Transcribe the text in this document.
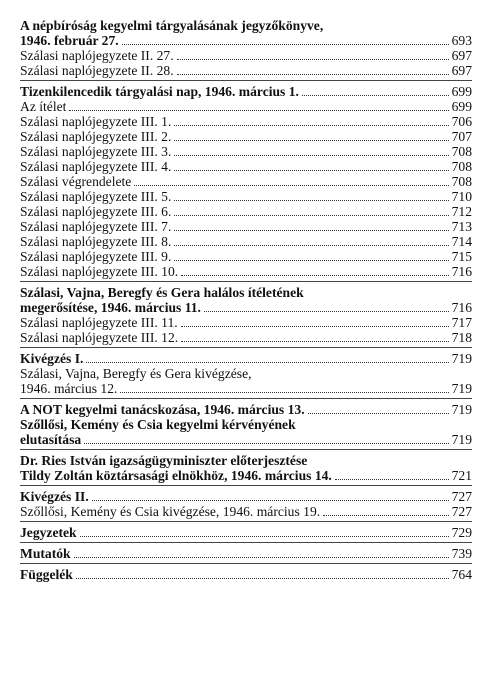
A népbíróság kegyelmi tárgyalásának jegyzőkönyve,
1946. február 27.	693
Szálasi naplójegyzete II. 27.	697
Szálasi naplójegyzete II. 28.	697
Tizenkilencedik tárgyalási nap, 1946. március 1.	699
Az ítélet	699
Szálasi naplójegyzete III. 1.	706
Szálasi naplójegyzete III. 2.	707
Szálasi naplójegyzete III. 3.	708
Szálasi naplójegyzete III. 4.	708
Szálasi végrendelete	708
Szálasi naplójegyzete III. 5.	710
Szálasi naplójegyzete III. 6.	712
Szálasi naplójegyzete III. 7.	713
Szálasi naplójegyzete III. 8.	714
Szálasi naplójegyzete III. 9.	715
Szálasi naplójegyzete III. 10.	716
Szálasi, Vajna, Beregfy és Gera halálos ítéletének
megerősítése, 1946. március 11.	716
Szálasi naplójegyzete III. 11.	717
Szálasi naplójegyzete III. 12.	718
Kivégzés I.	719
Szálasi, Vajna, Beregfy és Gera kivégzése,
1946. március 12.	719
A NOT kegyelmi tanácskozása, 1946. március 13.	719
Szőllősi, Kemény és Csia kegyelmi kérvényének
elutasítása	719
Dr. Ries István igazságügyminiszter előterjesztése
Tildy Zoltán köztársasági elnökhöz, 1946. március 14.	721
Kivégzés II.	727
Szőllősi, Kemény és Csia kivégzése, 1946. március 19.	727
Jegyzetek	729
Mutatók	739
Függelék	764
